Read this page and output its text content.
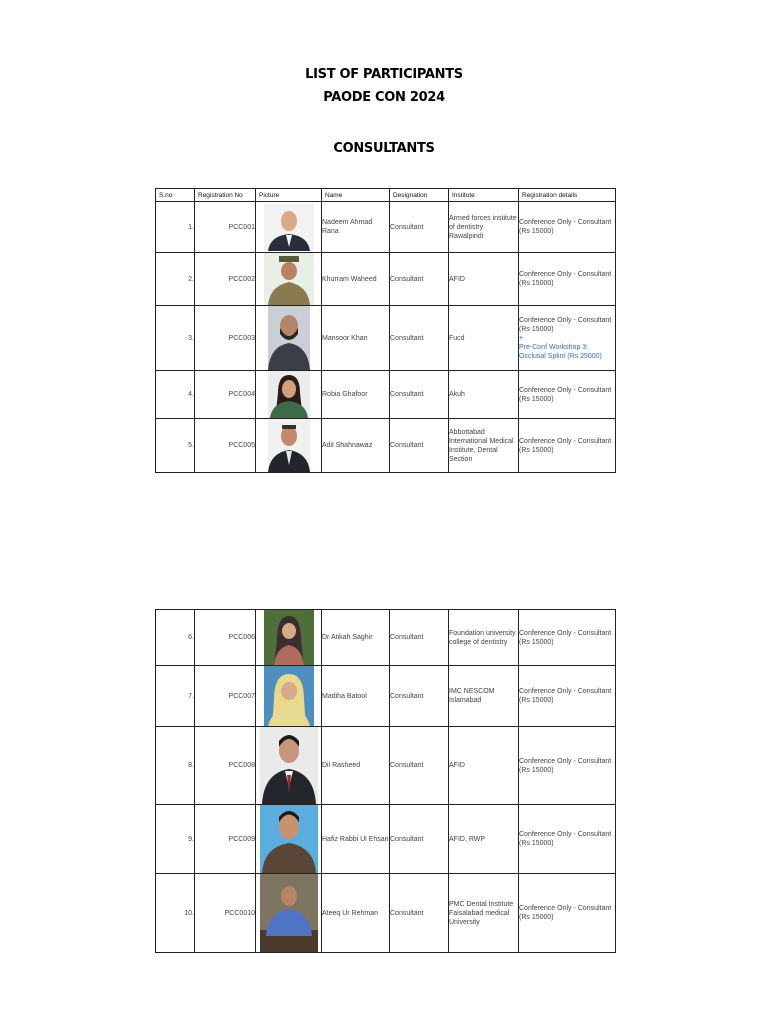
LIST OF PARTICIPANTS
PAODE CON 2024
CONSULTANTS
S.no	Registration No	Picture	Name	Designation	Institute	Registration details
1.	PCC001		Nadeem Ahmad Rana	Consultant	Armed forces institute of dentistry Rawalpindi	Conference Only - Consultant (Rs 15000)
2.	PCC002		Khurram Waheed	Consultant	AFID	Conference Only - Consultant (Rs 15000)
3.	PCC003		Mansoor Khan	Consultant	Fucd	Conference Only - Consultant (Rs 15000)
+
Pre-Conf Workshop 3: Occlusal Splint (Rs 25000)

4.	PCC004		Robia Ghafoor	Consultant	Akuh	Conference Only - Consultant (Rs 15000)
5.	PCC005		Adil Shahnawaz	Consultant	Abbottabad International Medical Institute, Dental Section	Conference Only - Consultant (Rs 15000)
6.	PCC006		Dr Atikah Saghir	Consultant	Foundation university college of dentistry	Conference Only - Consultant (Rs 15000)
7.	PCC007		Madiha Batool	Consultant	IMC NESCOM Islamabad	Conference Only - Consultant (Rs 15000)
8.	PCC008		Dil Rasheed	Consultant	AFID	Conference Only - Consultant (Rs 15000)
9.	PCC009		Hafiz Rabbi Ul Ehsan	Consultant	AFID, RWP	Conference Only - Consultant (Rs 15000)
10.	PCC0010		Ateeq Ur Rehman	Consultant	PMC Dental Institute Faisalabad medical University	Conference Only - Consultant (Rs 15000)
